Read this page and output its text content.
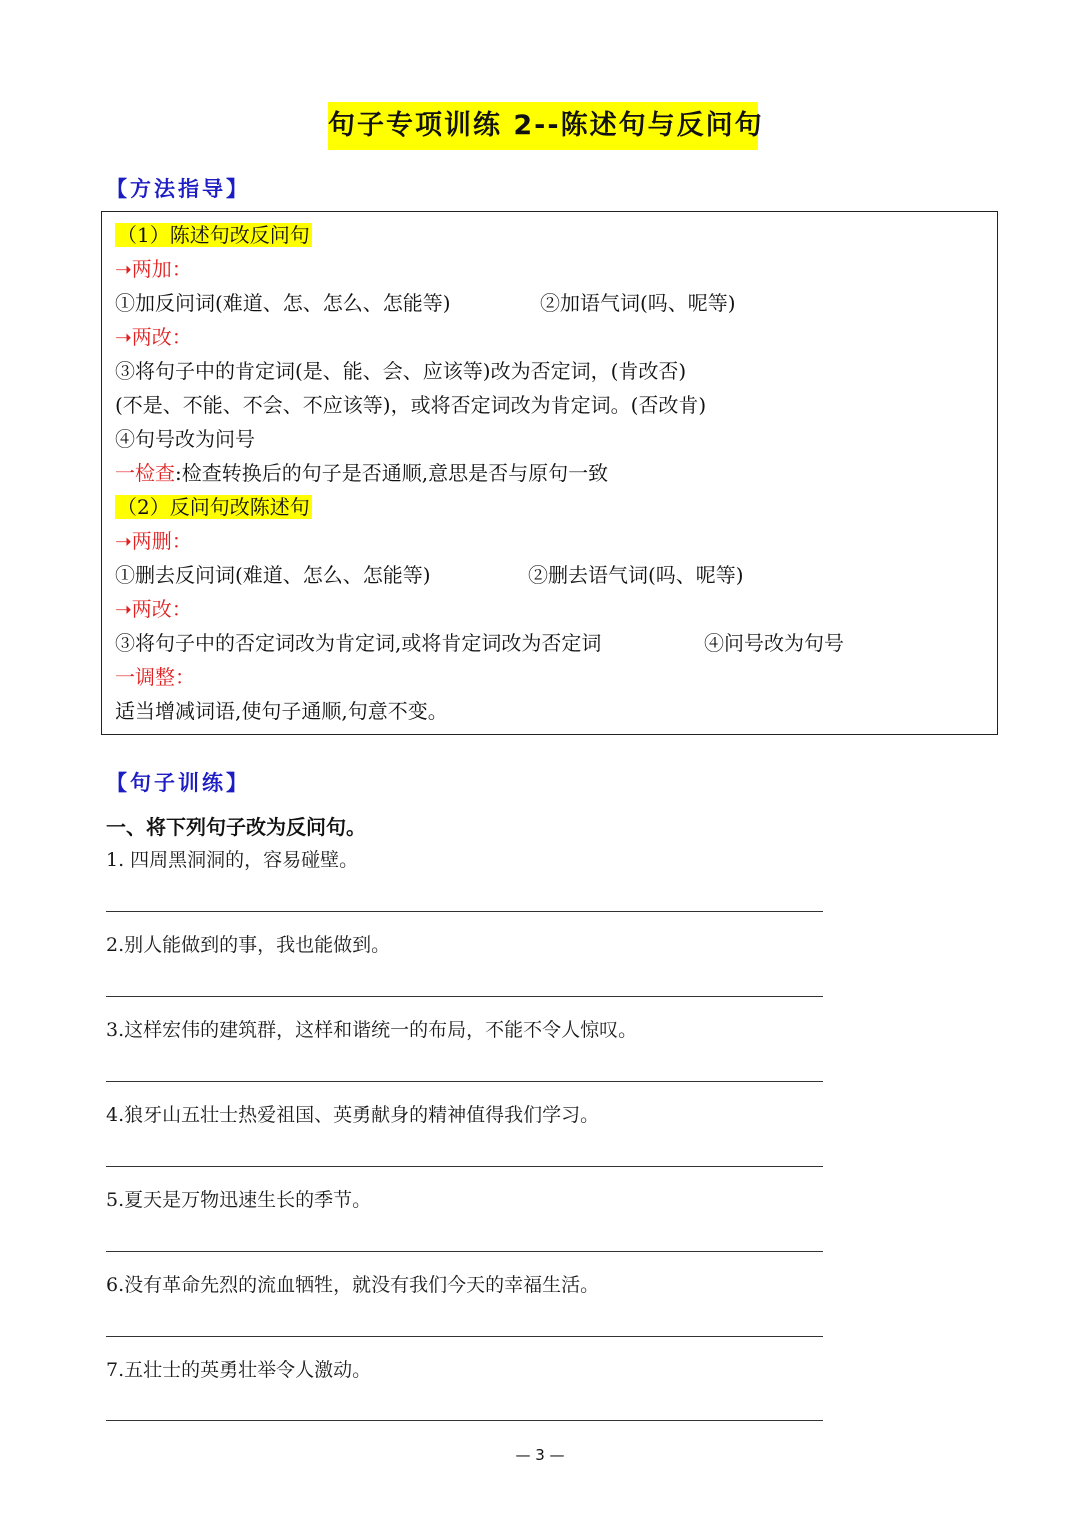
句子专项训练 2--陈述句与反问句
【方法指导】
（1）陈述句改反问句
➝两加：
①加反问词(难道、怎、怎么、怎能等)	②加语气词(吗、呢等)
➝两改：
③将句子中的肯定词(是、能、会、应该等)改为否定词，(肯改否)
(不是、不能、不会、不应该等)，或将否定词改为肯定词。(否改肯)
④句号改为问号
一检查:检查转换后的句子是否通顺,意思是否与原句一致
（2）反问句改陈述句
➝两删：
①删去反问词(难道、怎么、怎能等)	②删去语气词(吗、呢等)
➝两改：
③将句子中的否定词改为肯定词,或将肯定词改为否定词	④问号改为句号
一调整：
适当增减词语,使句子通顺,句意不变。
【句子训练】
一、将下列句子改为反问句。
1. 四周黑洞洞的，容易碰壁。
2.别人能做到的事，我也能做到。
3.这样宏伟的建筑群，这样和谐统一的布局，不能不令人惊叹。
4.狼牙山五壮士热爱祖国、英勇献身的精神值得我们学习。
5.夏天是万物迅速生长的季节。
6.没有革命先烈的流血牺牲，就没有我们今天的幸福生活。
7.五壮士的英勇壮举令人激动。
— 3 —
